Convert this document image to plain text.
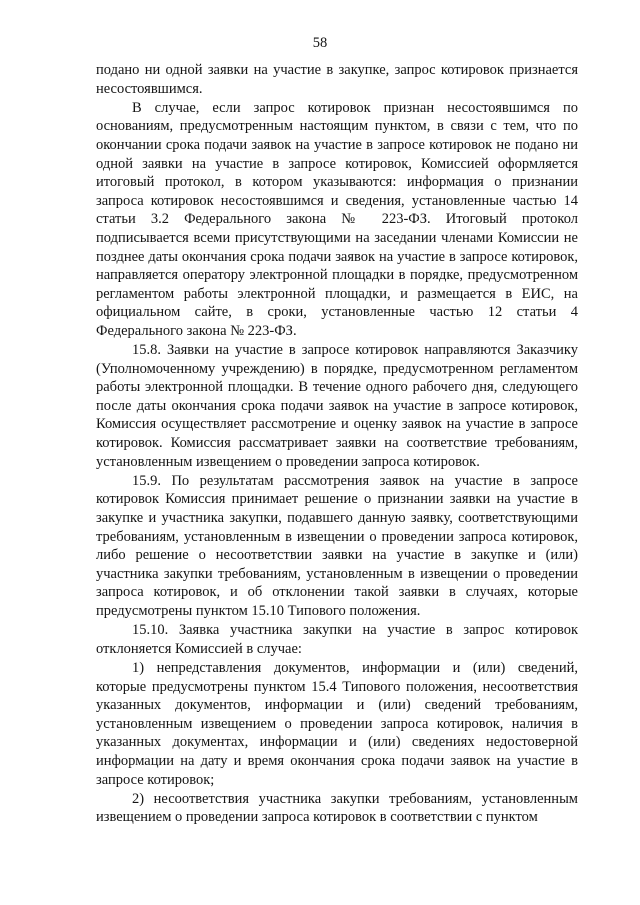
58

подано ни одной заявки на участие в закупке, запрос котировок признается несостоявшимся.

В случае, если запрос котировок признан несостоявшимся по основаниям, предусмотренным настоящим пунктом, в связи с тем, что по окончании срока подачи заявок на участие в запросе котировок не подано ни одной заявки на участие в запросе котировок, Комиссией оформляется итоговый протокол, в котором указываются: информация о признании запроса котировок несостоявшимся и сведения, установленные частью 14 статьи 3.2 Федерального закона № 223-ФЗ. Итоговый протокол подписывается всеми присутствующими на заседании членами Комиссии не позднее даты окончания срока подачи заявок на участие в запросе котировок, направляется оператору электронной площадки в порядке, предусмотренном регламентом работы электронной площадки, и размещается в ЕИС, на официальном сайте, в сроки, установленные частью 12 статьи 4 Федерального закона № 223-ФЗ.

15.8. Заявки на участие в запросе котировок направляются Заказчику (Уполномоченному учреждению) в порядке, предусмотренном регламентом работы электронной площадки. В течение одного рабочего дня, следующего после даты окончания срока подачи заявок на участие в запросе котировок, Комиссия осуществляет рассмотрение и оценку заявок на участие в запросе котировок. Комиссия рассматривает заявки на соответствие требованиям, установленным извещением о проведении запроса котировок.

15.9. По результатам рассмотрения заявок на участие в запросе котировок Комиссия принимает решение о признании заявки на участие в закупке и участника закупки, подавшего данную заявку, соответствующими требованиям, установленным в извещении о проведении запроса котировок, либо решение о несоответствии заявки на участие в закупке и (или) участника закупки требованиям, установленным в извещении о проведении запроса котировок, и об отклонении такой заявки в случаях, которые предусмотрены пунктом 15.10 Типового положения.

15.10. Заявка участника закупки на участие в запрос котировок отклоняется Комиссией в случае:

1) непредставления документов, информации и (или) сведений, которые предусмотрены пунктом 15.4 Типового положения, несоответствия указанных документов, информации и (или) сведений требованиям, установленным извещением о проведении запроса котировок, наличия в указанных документах, информации и (или) сведениях недостоверной информации на дату и время окончания срока подачи заявок на участие в запросе котировок;

2) несоответствия участника закупки требованиям, установленным извещением о проведении запроса котировок в соответствии с пунктом
